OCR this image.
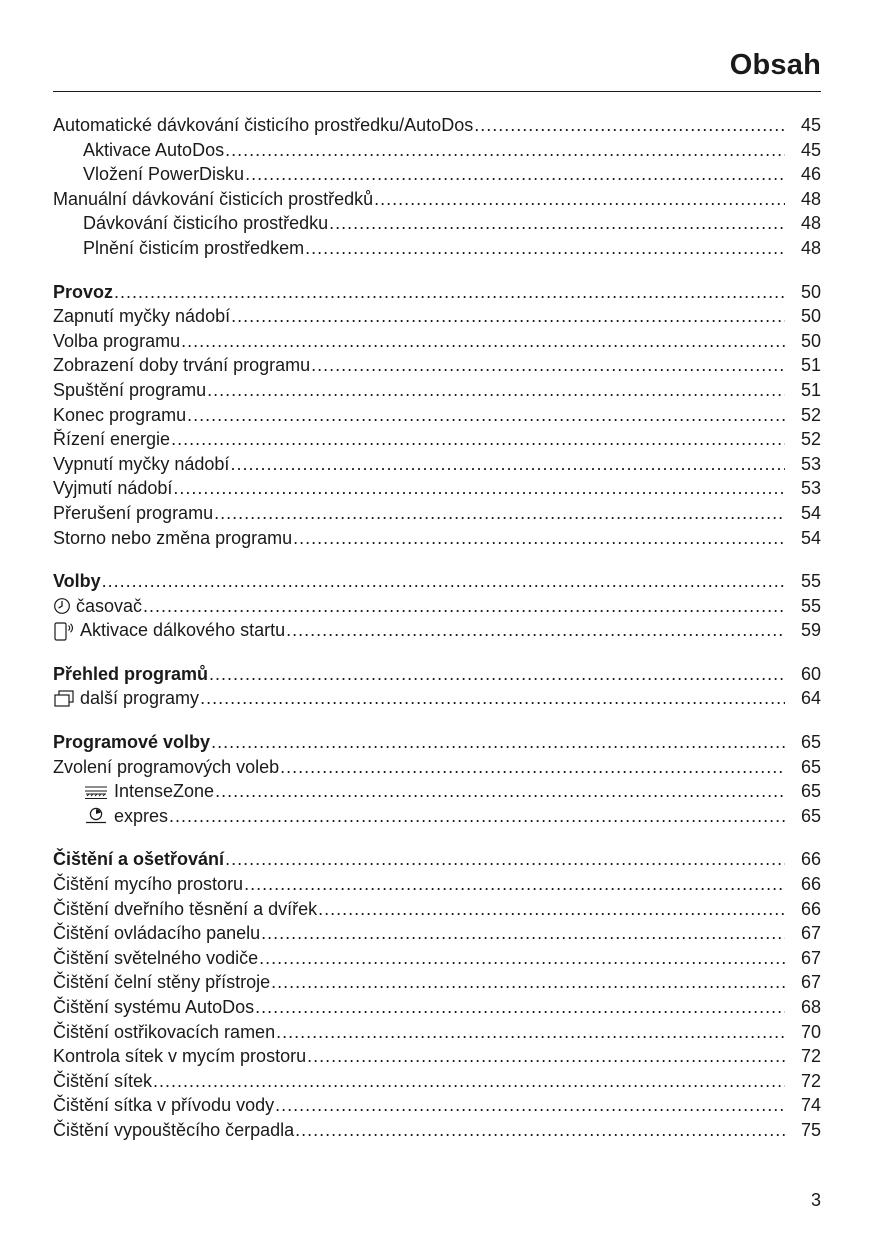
Obsah
Automatické dávkování čisticího prostředku/AutoDos .....	45
Aktivace AutoDos .....	45
Vložení PowerDisku .....	46
Manuální dávkování čisticích prostředků .....	48
Dávkování čisticího prostředku .....	48
Plnění čisticím prostředkem .....	48
Provoz .....	50
Zapnutí myčky nádobí .....	50
Volba programu .....	50
Zobrazení doby trvání programu .....	51
Spuštění programu .....	51
Konec programu .....	52
Řízení energie .....	52
Vypnutí myčky nádobí .....	53
Vyjmutí nádobí .....	53
Přerušení programu .....	54
Storno nebo změna programu .....	54
Volby .....	55
časovač .....	55
Aktivace dálkového startu .....	59
Přehled programů .....	60
další programy .....	64
Programové volby .....	65
Zvolení programových voleb .....	65
IntenseZone .....	65
expres .....	65
Čištění a ošetřování .....	66
Čištění mycího prostoru .....	66
Čištění dveřního těsnění a dvířek .....	66
Čištění ovládacího panelu .....	67
Čištění světelného vodiče .....	67
Čištění čelní stěny přístroje .....	67
Čištění systému AutoDos .....	68
Čištění ostřikovacích ramen .....	70
Kontrola sítek v mycím prostoru .....	72
Čištění sítek .....	72
Čištění sítka v přívodu vody .....	74
Čištění vypouštěcího čerpadla .....	75
3
